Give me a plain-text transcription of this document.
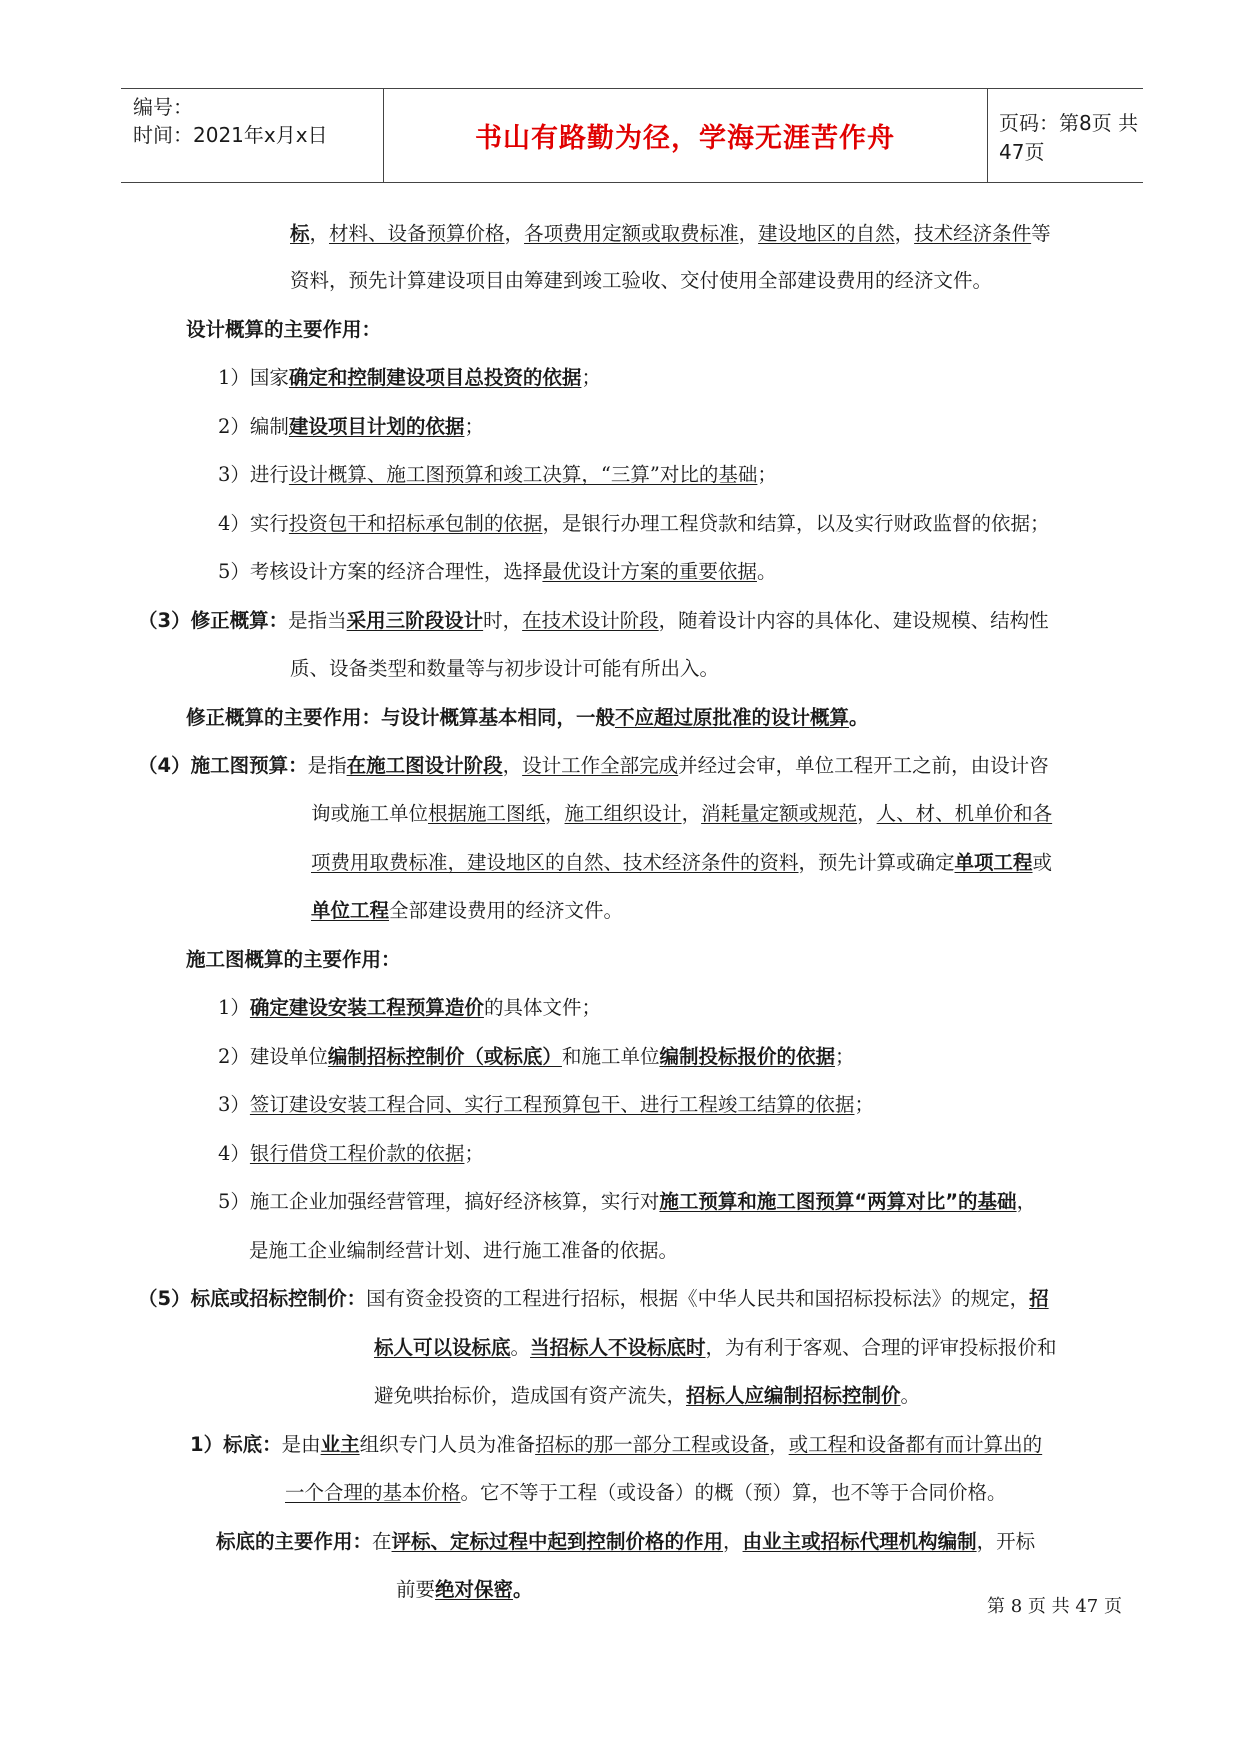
编号：
时间：2021年x月x日	书山有路勤为径，学海无涯苦作舟
页码：第8页 共47页
标，材料、设备预算价格，各项费用定额或取费标准，建设地区的自然，技术经济条件等
资料，预先计算建设项目由筹建到竣工验收、交付使用全部建设费用的经济文件。
设计概算的主要作用：
1）国家确定和控制建设项目总投资的依据；
2）编制建设项目计划的依据；
3）进行设计概算、施工图预算和竣工决算，“三算”对比的基础；
4）实行投资包干和招标承包制的依据，是银行办理工程贷款和结算，以及实行财政监督的依据；
5）考核设计方案的经济合理性，选择最优设计方案的重要依据。
（3）修正概算：是指当采用三阶段设计时，在技术设计阶段，随着设计内容的具体化、建设规模、结构性
质、设备类型和数量等与初步设计可能有所出入。
修正概算的主要作用：与设计概算基本相同，一般不应超过原批准的设计概算。
（4）施工图预算：是指在施工图设计阶段，设计工作全部完成并经过会审，单位工程开工之前，由设计咨
询或施工单位根据施工图纸，施工组织设计，消耗量定额或规范，人、材、机单价和各
项费用取费标准，建设地区的自然、技术经济条件的资料，预先计算或确定单项工程或
单位工程全部建设费用的经济文件。
施工图概算的主要作用：
1）确定建设安装工程预算造价的具体文件；
2）建设单位编制招标控制价（或标底）和施工单位编制投标报价的依据；
3）签订建设安装工程合同、实行工程预算包干、进行工程竣工结算的依据；
4）银行借贷工程价款的依据；
5）施工企业加强经营管理，搞好经济核算，实行对施工预算和施工图预算“两算对比”的基础，
是施工企业编制经营计划、进行施工准备的依据。
（5）标底或招标控制价：国有资金投资的工程进行招标，根据《中华人民共和国招标投标法》的规定，招
标人可以设标底。当招标人不设标底时，为有利于客观、合理的评审投标报价和
避免哄抬标价，造成国有资产流失，招标人应编制招标控制价。
1）标底：是由业主组织专门人员为准备招标的那一部分工程或设备，或工程和设备都有而计算出的
一个合理的基本价格。它不等于工程（或设备）的概（预）算，也不等于合同价格。
标底的主要作用：在评标、定标过程中起到控制价格的作用，由业主或招标代理机构编制，开标
前要绝对保密。
第 8 页 共 47 页
